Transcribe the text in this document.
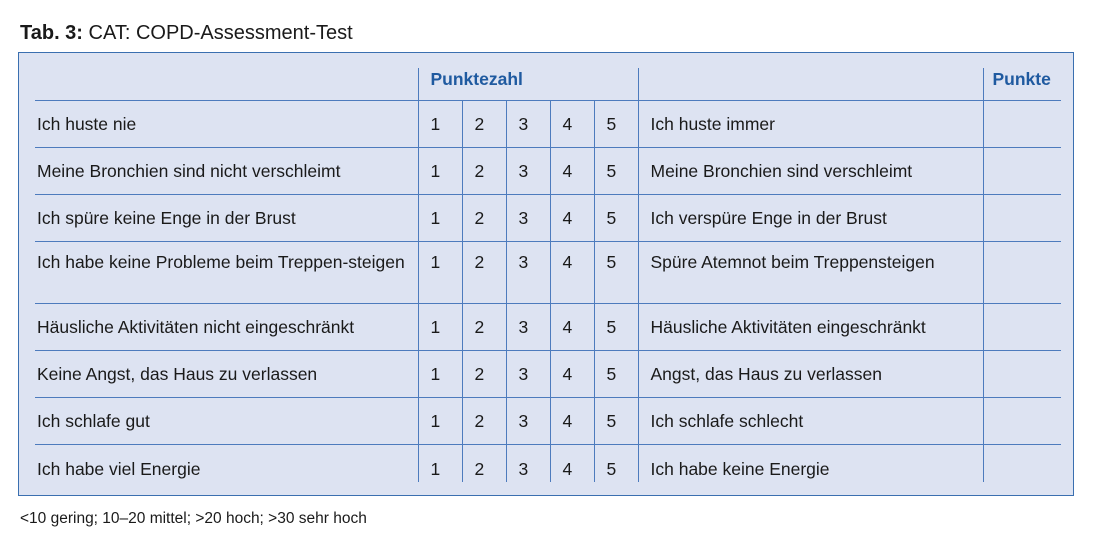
Tab. 3: CAT: COPD-Assessment-Test
	Punktezahl						Punkte
Ich huste nie	1	2	3	4	5	Ich huste immer	
Meine Bronchien sind nicht verschleimt	1	2	3	4	5	Meine Bronchien sind verschleimt	
Ich spüre keine Enge in der Brust	1	2	3	4	5	Ich verspüre Enge in der Brust	
Ich habe keine Probleme beim Treppen-steigen	1	2	3	4	5	Spüre Atemnot beim Treppensteigen	
Häusliche Aktivitäten nicht eingeschränkt	1	2	3	4	5	Häusliche Aktivitäten eingeschränkt	
Keine Angst, das Haus zu verlassen	1	2	3	4	5	Angst, das Haus zu verlassen	
Ich schlafe gut	1	2	3	4	5	Ich schlafe schlecht	
Ich habe viel Energie	1	2	3	4	5	Ich habe keine Energie	
<10 gering; 10–20 mittel; >20 hoch; >30 sehr hoch
